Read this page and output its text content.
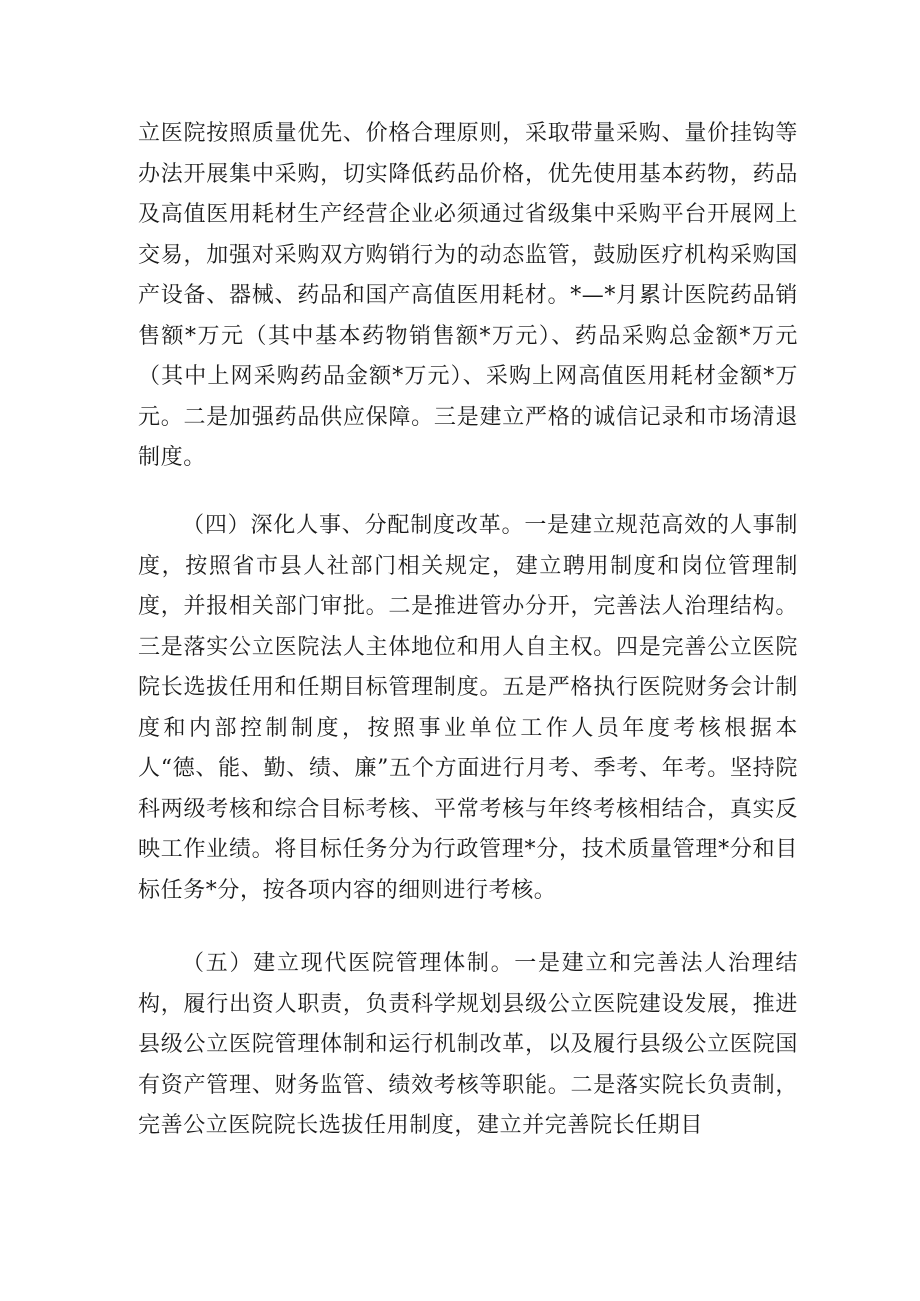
立医院按照质量优先、价格合理原则，采取带量采购、量价挂钩等办法开展集中采购，切实降低药品价格，优先使用基本药物，药品及高值医用耗材生产经营企业必须通过省级集中采购平台开展网上交易，加强对采购双方购销行为的动态监管，鼓励医疗机构采购国产设备、器械、药品和国产高值医用耗材。*—*月累计医院药品销售额*万元（其中基本药物销售额*万元）、药品采购总金额*万元（其中上网采购药品金额*万元）、采购上网高值医用耗材金额*万元。二是加强药品供应保障。三是建立严格的诚信记录和市场清退制度。

（四）深化人事、分配制度改革。一是建立规范高效的人事制度，按照省市县人社部门相关规定，建立聘用制度和岗位管理制度，并报相关部门审批。二是推进管办分开，完善法人治理结构。三是落实公立医院法人主体地位和用人自主权。四是完善公立医院院长选拔任用和任期目标管理制度。五是严格执行医院财务会计制度和内部控制制度，按照事业单位工作人员年度考核根据本人“德、能、勤、绩、廉”五个方面进行月考、季考、年考。坚持院科两级考核和综合目标考核、平常考核与年终考核相结合，真实反映工作业绩。将目标任务分为行政管理*分，技术质量管理*分和目标任务*分，按各项内容的细则进行考核。

（五）建立现代医院管理体制。一是建立和完善法人治理结构，履行出资人职责，负责科学规划县级公立医院建设发展，推进县级公立医院管理体制和运行机制改革，以及履行县级公立医院国有资产管理、财务监管、绩效考核等职能。二是落实院长负责制，完善公立医院院长选拔任用制度，建立并完善院长任期目
